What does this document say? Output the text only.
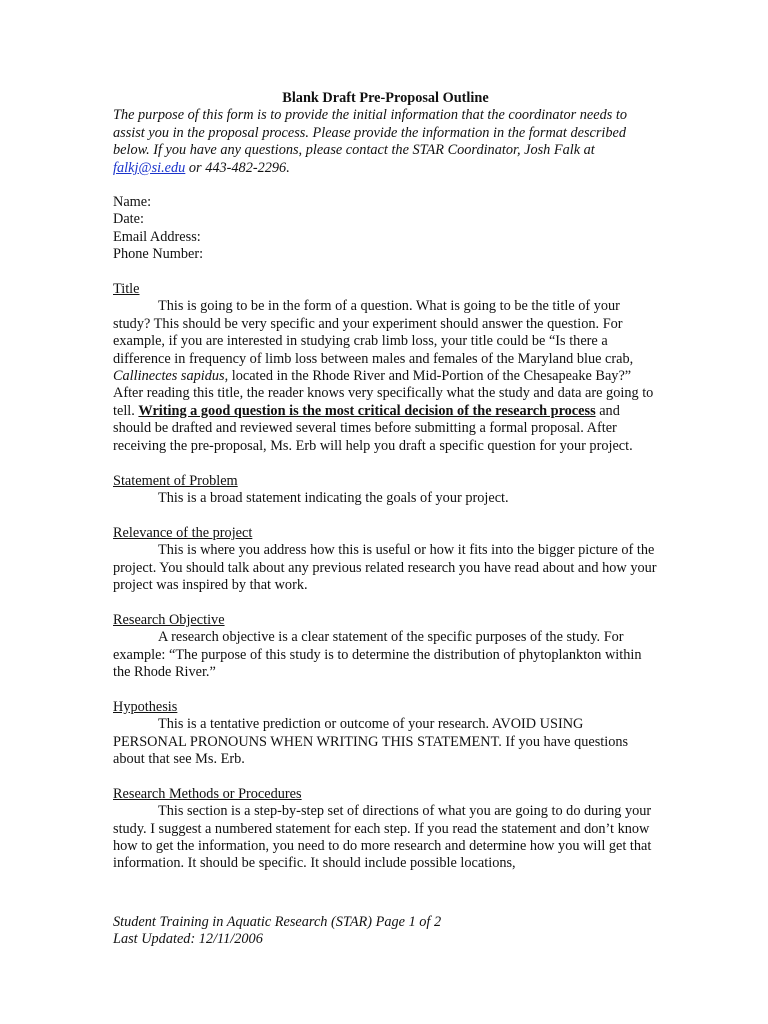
Blank Draft Pre-Proposal Outline

The purpose of this form is to provide the initial information that the coordinator needs to assist you in the proposal process. Please provide the information in the format described below. If you have any questions, please contact the STAR Coordinator, Josh Falk at falkj@si.edu or 443-482-2296.

Name:
Date:
Email Address:
Phone Number:

Title

This is going to be in the form of a question. What is going to be the title of your study? This should be very specific and your experiment should answer the question. For example, if you are interested in studying crab limb loss, your title could be “Is there a difference in frequency of limb loss between males and females of the Maryland blue crab, Callinectes sapidus, located in the Rhode River and Mid-Portion of the Chesapeake Bay?” After reading this title, the reader knows very specifically what the study and data are going to tell. Writing a good question is the most critical decision of the research process and should be drafted and reviewed several times before submitting a formal proposal. After receiving the pre-proposal, Ms. Erb will help you draft a specific question for your project.

Statement of Problem

This is a broad statement indicating the goals of your project.

Relevance of the project

This is where you address how this is useful or how it fits into the bigger picture of the project. You should talk about any previous related research you have read about and how your project was inspired by that work.

Research Objective

A research objective is a clear statement of the specific purposes of the study. For example: “The purpose of this study is to determine the distribution of phytoplankton within the Rhode River.”

Hypothesis

This is a tentative prediction or outcome of your research. AVOID USING PERSONAL PRONOUNS WHEN WRITING THIS STATEMENT. If you have questions about that see Ms. Erb.

Research Methods or Procedures

This section is a step-by-step set of directions of what you are going to do during your study. I suggest a numbered statement for each step. If you read the statement and don’t know how to get the information, you need to do more research and determine how you will get that information. It should be specific. It should include possible locations,

Student Training in Aquatic Research (STAR) Page 1 of 2
Last Updated: 12/11/2006
